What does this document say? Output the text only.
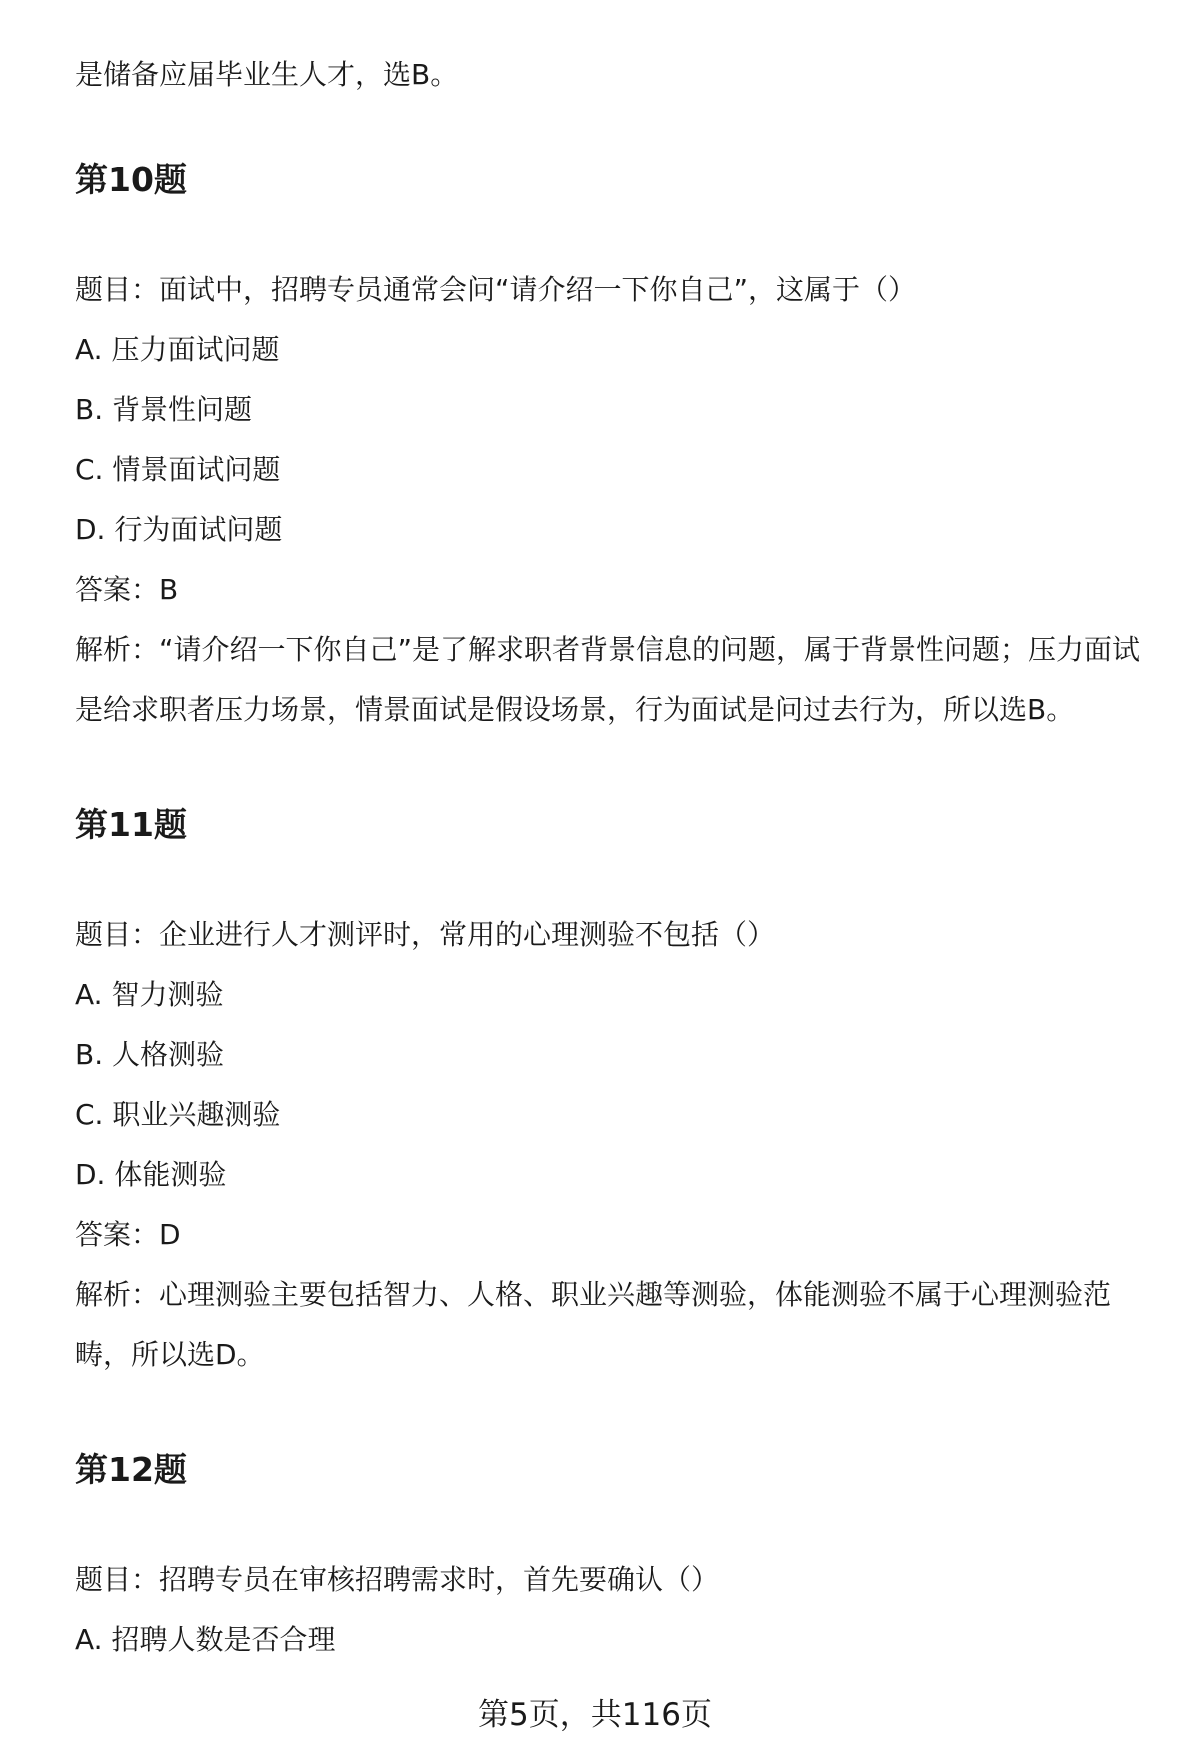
是储备应届毕业生人才，选B。
第10题
题目：面试中，招聘专员通常会问“请介绍一下你自己”，这属于（）
A. 压力面试问题
B. 背景性问题
C. 情景面试问题
D. 行为面试问题
答案：B

解析：“请介绍一下你自己”是了解求职者背景信息的问题，属于背景性问题；压力面试是给求职者压力场景，情景面试是假设场景，行为面试是问过去行为，所以选B。

第11题
题目：企业进行人才测评时，常用的心理测验不包括（）
A. 智力测验
B. 人格测验
C. 职业兴趣测验
D. 体能测验
答案：D

解析：心理测验主要包括智力、人格、职业兴趣等测验，体能测验不属于心理测验范畴，所以选D。

第12题
题目：招聘专员在审核招聘需求时，首先要确认（）
A. 招聘人数是否合理
第5页，共116页
